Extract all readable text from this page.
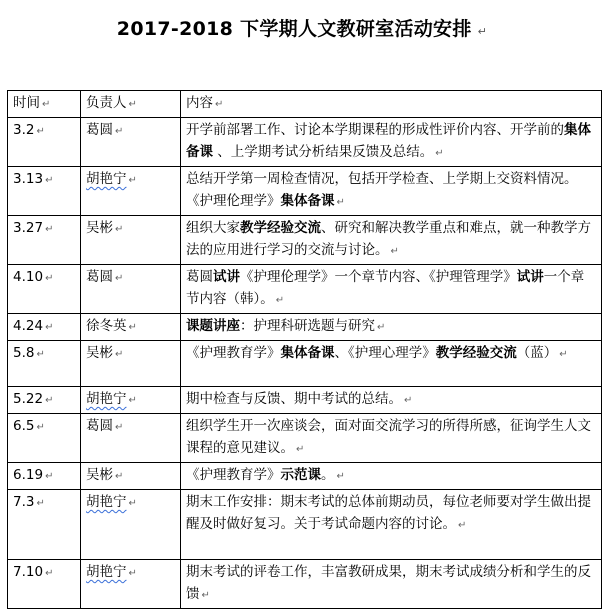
2017-2018 下学期人文教研室活动安排 ↵
时间 ↵	负责人 ↵	内容 ↵
3.2 ↵	葛圆 ↵	开学前部署工作、讨论本学期课程的形成性评价内容、开学前的集体备课 、上学期考试分析结果反馈及总结。 ↵
3.13 ↵	胡艳宁 ↵	总结开学第一周检查情况，包括开学检查、上学期上交资料情况。《护理伦理学》集体备课 ↵
3.27 ↵	吴彬 ↵	组织大家教学经验交流、研究和解决教学重点和难点，就一种教学方法的应用进行学习的交流与讨论。 ↵
4.10 ↵	葛圆 ↵	葛圆试讲《护理伦理学》一个章节内容、《护理管理学》试讲一个章节内容（韩）。 ↵
4.24 ↵	徐冬英 ↵	课题讲座：护理科研选题与研究 ↵
5.8 ↵	吴彬 ↵	《护理教育学》集体备课、《护理心理学》教学经验交流（蓝） ↵
5.22 ↵	胡艳宁 ↵	期中检查与反馈、期中考试的总结。 ↵
6.5 ↵	葛圆 ↵	组织学生开一次座谈会，面对面交流学习的所得所感，征询学生人文课程的意见建议。 ↵
6.19 ↵	吴彬 ↵	《护理教育学》示范课。 ↵
7.3 ↵	胡艳宁 ↵	期末工作安排：期末考试的总体前期动员，每位老师要对学生做出提醒及时做好复习。关于考试命题内容的讨论。 ↵
7.10 ↵	胡艳宁 ↵	期末考试的评卷工作，丰富教研成果，期末考试成绩分析和学生的反馈 ↵
